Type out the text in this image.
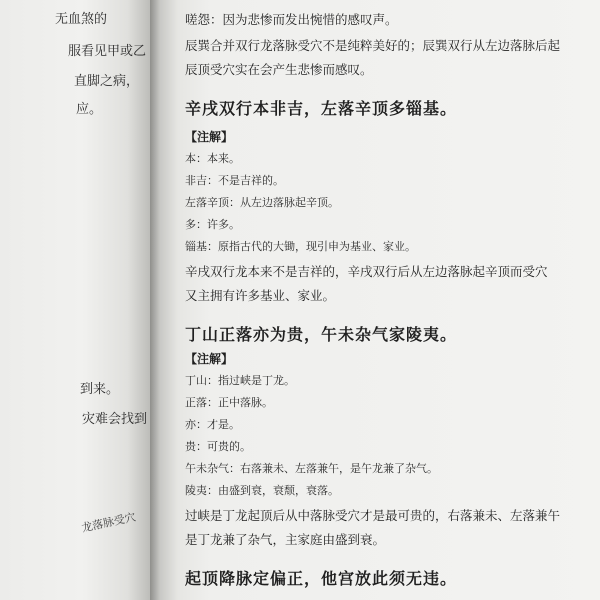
无血煞的
服看见甲或乙
直脚之病，
应。
到来。
灾难会找到
龙落脉受穴
嗟怨：因为悲惨而发出惋惜的感叹声。
辰巽合并双行龙落脉受穴不是纯粹美好的；辰巽双行从左边落脉后起
辰顶受穴实在会产生悲惨而感叹。
辛戌双行本非吉，左落辛顶多锱基。
【注解】
本：本来。
非吉：不是吉祥的。
左落辛顶：从左边落脉起辛顶。
多：许多。
锱基：原指古代的大锄，现引申为基业、家业。
辛戌双行龙本来不是吉祥的，辛戌双行后从左边落脉起辛顶而受穴
又主拥有许多基业、家业。
丁山正落亦为贵，午未杂气家陵夷。
【注解】
丁山：指过峡是丁龙。
正落：正中落脉。
亦：才是。
贵：可贵的。
午未杂气：右落兼未、左落兼午，是午龙兼了杂气。
陵夷：由盛到衰，衰颓，衰落。
过峡是丁龙起顶后从中落脉受穴才是最可贵的，右落兼未、左落兼午
是丁龙兼了杂气，主家庭由盛到衰。
起顶降脉定偏正，他宫放此须无违。
